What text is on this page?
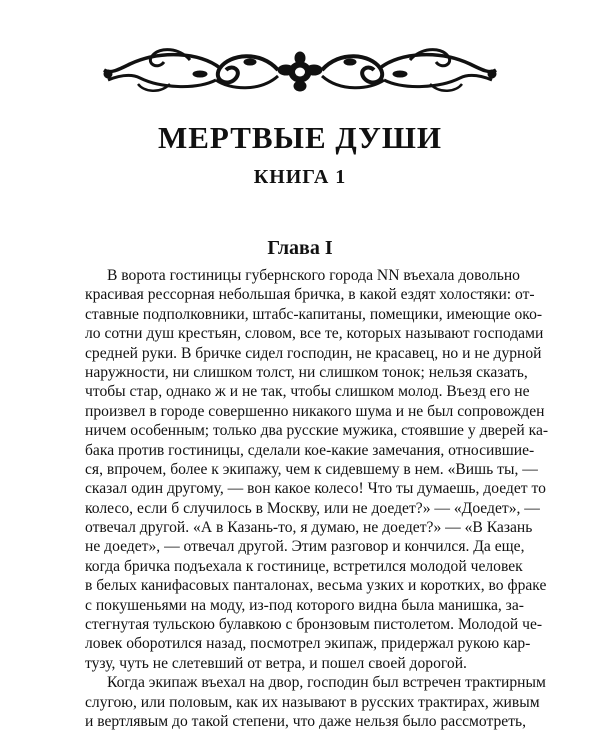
МЕРТВЫЕ ДУШИ
КНИГА 1
Глава I
В ворота гостиницы губернского города NN въехала довольно
красивая рессорная небольшая бричка, в какой ездят холостяки: от-
ставные подполковники, штабс-капитаны, помещики, имеющие око-
ло сотни душ крестьян, словом, все те, которых называют господами
средней руки. В бричке сидел господин, не красавец, но и не дурной
наружности, ни слишком толст, ни слишком тонок; нельзя сказать,
чтобы стар, однако ж и не так, чтобы слишком молод. Въезд его не
произвел в городе совершенно никакого шума и не был сопровожден
ничем особенным; только два русские мужика, стоявшие у дверей ка-
бака против гостиницы, сделали кое-какие замечания, относившие-
ся, впрочем, более к экипажу, чем к сидевшему в нем. «Вишь ты, —
сказал один другому, — вон какое колесо! Что ты думаешь, доедет то
колесо, если б случилось в Москву, или не доедет?» — «Доедет», —
отвечал другой. «А в Казань-то, я думаю, не доедет?» — «В Казань
не доедет», — отвечал другой. Этим разговор и кончился. Да еще,
когда бричка подъехала к гостинице, встретился молодой человек
в белых канифасовых панталонах, весьма узких и коротких, во фраке
с покушеньями на моду, из-под которого видна была манишка, за-
стегнутая тульскою булавкою с бронзовым пистолетом. Молодой че-
ловек оборотился назад, посмотрел экипаж, придержал рукою кар-
тузу, чуть не слетевший от ветра, и пошел своей дорогой.
Когда экипаж въехал на двор, господин был встречен трактирным
слугою, или половым, как их называют в русских трактирах, живым
и вертлявым до такой степени, что даже нельзя было рассмотреть,
